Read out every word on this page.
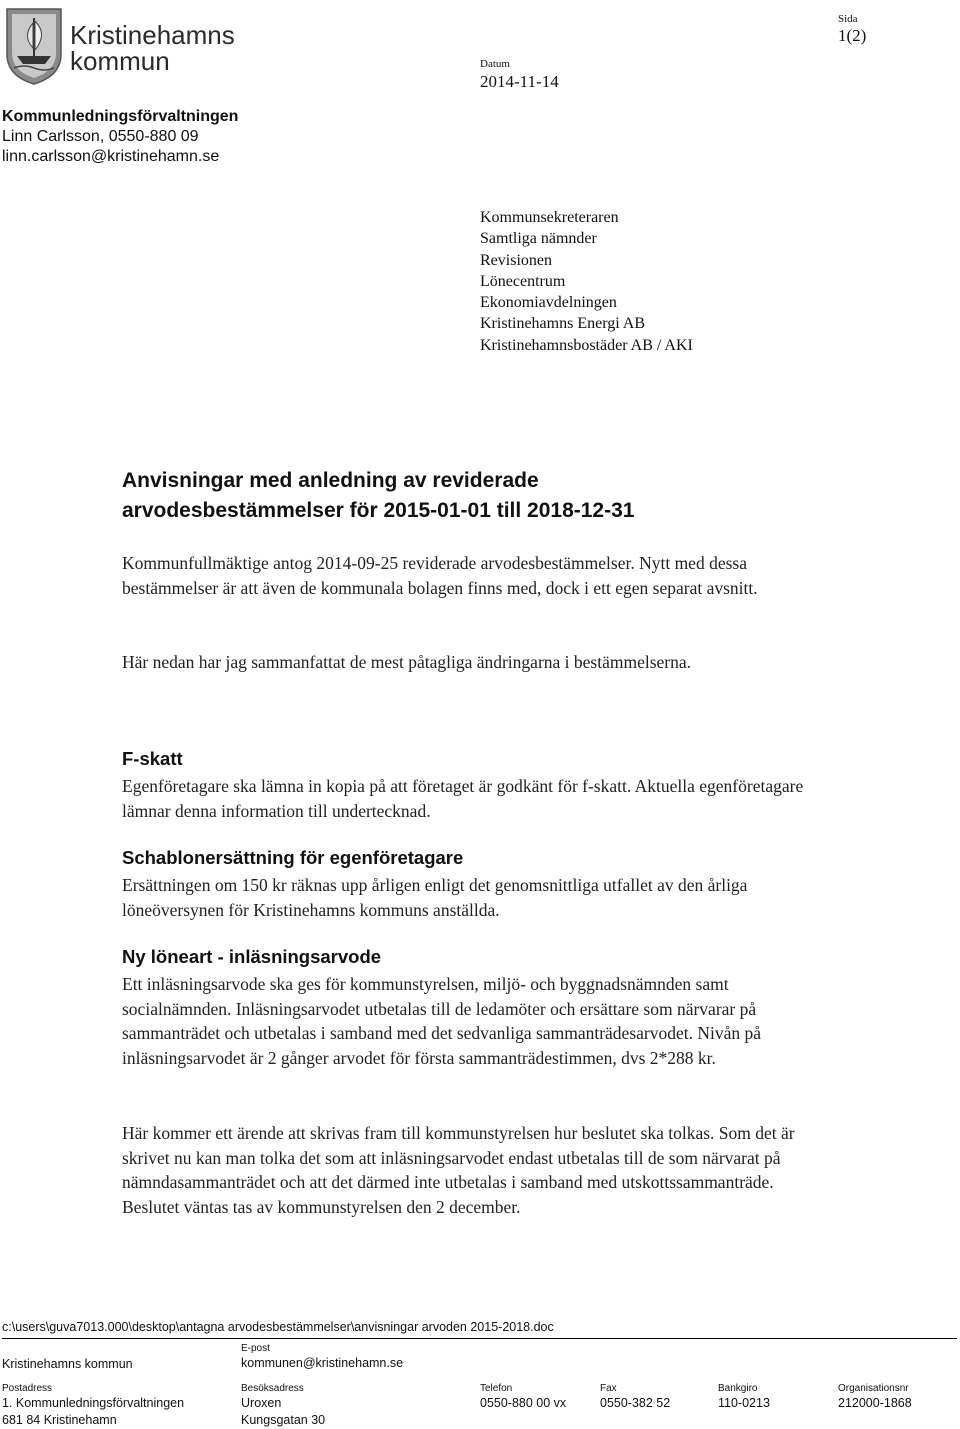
Kristinehamns
kommun
Kommunledningsförvaltningen
Linn Carlsson, 0550-880 09
linn.carlsson@kristinehamn.se
Datum
2014-11-14
Sida
1(2)
Kommunsekreteraren
Samtliga nämnder
Revisionen
Lönecentrum
Ekonomiavdelningen
Kristinehamns Energi AB
Kristinehamnsbostäder AB / AKI
Anvisningar med anledning av reviderade
arvodesbestämmelser för 2015-01-01 till 2018-12-31

Kommunfullmäktige antog 2014-09-25 reviderade arvodesbestämmelser. Nytt med dessa bestämmelser är att även de kommunala bolagen finns med, dock i ett egen separat avsnitt.

Här nedan har jag sammanfattat de mest påtagliga ändringarna i bestämmelserna.

F-skatt

Egenföretagare ska lämna in kopia på att företaget är godkänt för f-skatt. Aktuella egenföretagare lämnar denna information till undertecknad.

Schablonersättning för egenföretagare

Ersättningen om 150 kr räknas upp årligen enligt det genomsnittliga utfallet av den årliga löneöversynen för Kristinehamns kommuns anställda.

Ny löneart - inläsningsarvode

Ett inläsningsarvode ska ges för kommunstyrelsen, miljö- och byggnadsnämnden samt socialnämnden. Inläsningsarvodet utbetalas till de ledamöter och ersättare som närvarar på sammanträdet och utbetalas i samband med det sedvanliga sammanträdesarvodet. Nivån på inläsningsarvodet är 2 gånger arvodet för första sammanträdestimmen, dvs 2*288 kr.

Här kommer ett ärende att skrivas fram till kommunstyrelsen hur beslutet ska tolkas. Som det är skrivet nu kan man tolka det som att inläsningsarvodet endast utbetalas till de som närvarat på nämndasammanträdet och att det därmed inte utbetalas i samband med utskottssammanträde. Beslutet väntas tas av kommunstyrelsen den 2 december.

c:\users\guva7013.000\desktop\antagna arvodesbestämmelser\anvisningar arvoden 2015-2018.doc
Kristinehamns kommun
E-post
kommunen@kristinehamn.se
Postadress
1. Kommunledningsförvaltningen
681 84 Kristinehamn
Besöksadress
Uroxen
Kungsgatan 30
Telefon
0550-880 00 vx
Fax
0550-382 52
Bankgiro
110-0213
Organisationsnr
212000-1868
